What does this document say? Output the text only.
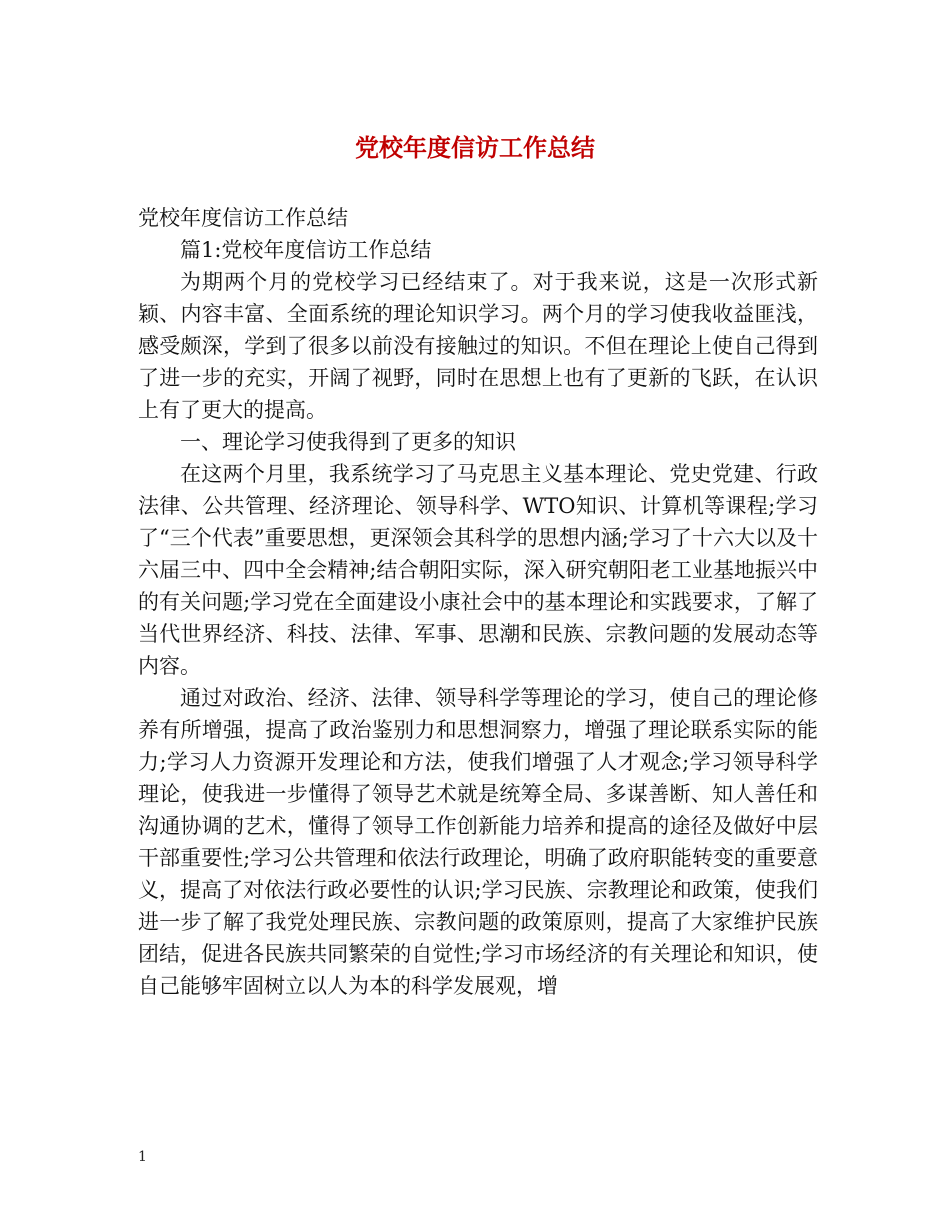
党校年度信访工作总结

党校年度信访工作总结

篇1:党校年度信访工作总结

为期两个月的党校学习已经结束了。对于我来说，这是一次形式新颖、内容丰富、全面系统的理论知识学习。两个月的学习使我收益匪浅，感受颇深，学到了很多以前没有接触过的知识。不但在理论上使自己得到了进一步的充实，开阔了视野，同时在思想上也有了更新的飞跃，在认识上有了更大的提高。

一、理论学习使我得到了更多的知识

在这两个月里，我系统学习了马克思主义基本理论、党史党建、行政法律、公共管理、经济理论、领导科学、WTO知识、计算机等课程;学习了“三个代表”重要思想，更深领会其科学的思想内涵;学习了十六大以及十六届三中、四中全会精神;结合朝阳实际，深入研究朝阳老工业基地振兴中的有关问题;学习党在全面建设小康社会中的基本理论和实践要求，了解了当代世界经济、科技、法律、军事、思潮和民族、宗教问题的发展动态等内容。

通过对政治、经济、法律、领导科学等理论的学习，使自己的理论修养有所增强，提高了政治鉴别力和思想洞察力，增强了理论联系实际的能力;学习人力资源开发理论和方法，使我们增强了人才观念;学习领导科学理论，使我进一步懂得了领导艺术就是统筹全局、多谋善断、知人善任和沟通协调的艺术，懂得了领导工作创新能力培养和提高的途径及做好中层干部重要性;学习公共管理和依法行政理论，明确了政府职能转变的重要意义，提高了对依法行政必要性的认识;学习民族、宗教理论和政策，使我们进一步了解了我党处理民族、宗教问题的政策原则，提高了大家维护民族团结，促进各民族共同繁荣的自觉性;学习市场经济的有关理论和知识，使自己能够牢固树立以人为本的科学发展观，增

1
